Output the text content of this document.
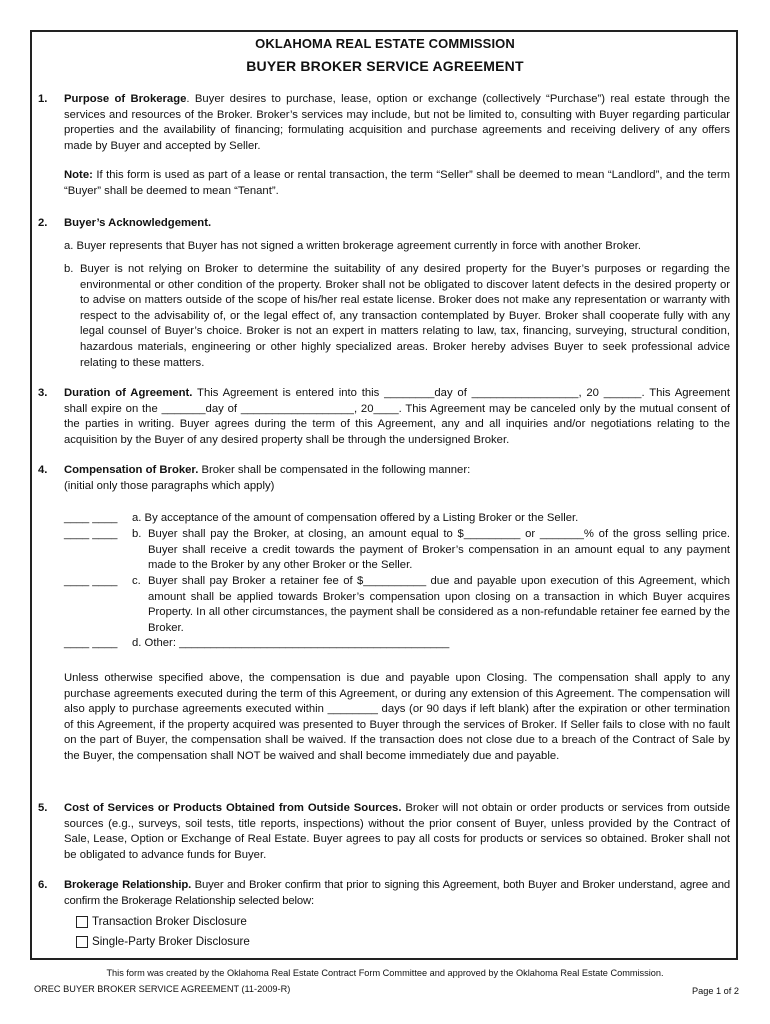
OKLAHOMA REAL ESTATE COMMISSION
BUYER BROKER SERVICE AGREEMENT
1. Purpose of Brokerage. Buyer desires to purchase, lease, option or exchange (collectively “Purchase”) real estate through the services and resources of the Broker. Broker’s services may include, but not be limited to, consulting with Buyer regarding particular properties and the availability of financing; formulating acquisition and purchase agreements and receiving delivery of any offers made by Buyer and accepted by Seller.

Note: If this form is used as part of a lease or rental transaction, the term “Seller” shall be deemed to mean “Landlord”, and the term “Buyer” shall be deemed to mean “Tenant”.

2. Buyer’s Acknowledgement.

a. Buyer represents that Buyer has not signed a written brokerage agreement currently in force with another Broker.

b. Buyer is not relying on Broker to determine the suitability of any desired property for the Buyer’s purposes or regarding the environmental or other condition of the property. Broker shall not be obligated to discover latent defects in the desired property or to advise on matters outside of the scope of his/her real estate license. Broker does not make any representation or warranty with respect to the advisability of, or the legal effect of, any transaction contemplated by Buyer. Broker shall cooperate fully with any legal counsel of Buyer’s choice. Broker is not an expert in matters relating to law, tax, financing, surveying, structural condition, hazardous materials, engineering or other highly specialized areas. Broker hereby advises Buyer to seek professional advice relating to these matters.

3. Duration of Agreement. This Agreement is entered into this ________day of _________________, 20 ______. This Agreement shall expire on the _______day of __________________, 20____. This Agreement may be canceled only by the mutual consent of the parties in writing. Buyer agrees during the term of this Agreement, any and all inquiries and/or negotiations relating to the acquisition by the Buyer of any desired property shall be through the undersigned Broker.

4. Compensation of Broker. Broker shall be compensated in the following manner:

(initial only those paragraphs which apply)
____ ____ a. By acceptance of the amount of compensation offered by a Listing Broker or the Seller.

____ ____ b. Buyer shall pay the Broker, at closing, an amount equal to $_________ or _______% of the gross selling price. Buyer shall receive a credit towards the payment of Broker’s compensation in an amount equal to any payment made to the Broker by any other Broker or the Seller.

____ ____ c. Buyer shall pay Broker a retainer fee of $__________ due and payable upon execution of this Agreement, which amount shall be applied towards Broker’s compensation upon closing on a transaction in which Buyer acquires Property. In all other circumstances, the payment shall be considered as a non-refundable retainer fee earned by the Broker.

____ ____ d. Other: ___________________________________________

Unless otherwise specified above, the compensation is due and payable upon Closing. The compensation shall apply to any purchase agreements executed during the term of this Agreement, or during any extension of this Agreement. The compensation will also apply to purchase agreements executed within ________ days (or 90 days if left blank) after the expiration or other termination of this Agreement, if the property acquired was presented to Buyer through the services of Broker. If Seller fails to close with no fault on the part of Buyer, the compensation shall be waived. If the transaction does not close due to a breach of the Contract of Sale by the Buyer, the compensation shall NOT be waived and shall become immediately due and payable.

5. Cost of Services or Products Obtained from Outside Sources. Broker will not obtain or order products or services from outside sources (e.g., surveys, soil tests, title reports, inspections) without the prior consent of Buyer, unless provided by the Contract of Sale, Lease, Option or Exchange of Real Estate. Buyer agrees to pay all costs for products or services so obtained. Broker shall not be obligated to advance funds for Buyer.

6. Brokerage Relationship. Buyer and Broker confirm that prior to signing this Agreement, both Buyer and Broker understand, agree and confirm the Brokerage Relationship selected below:

Transaction Broker Disclosure
Single-Party Broker Disclosure
This form was created by the Oklahoma Real Estate Contract Form Committee and approved by the Oklahoma Real Estate Commission.
OREC BUYER BROKER SERVICE AGREEMENT (11-2009-R)	Page 1 of 2
